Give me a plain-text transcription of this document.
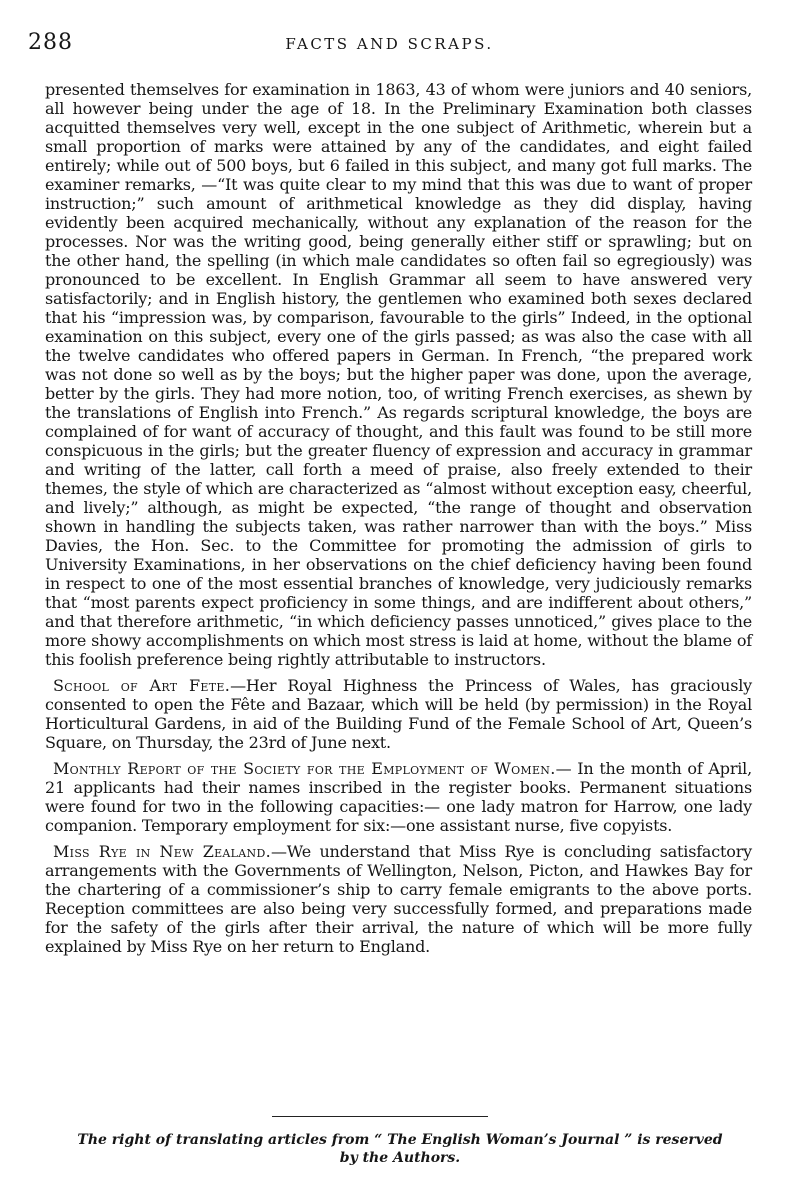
288	FACTS AND SCRAPS.

presented themselves for examination in 1863, 43 of whom were juniors and 40 seniors, all however being under the age of 18. In the Preliminary Examination both classes acquitted themselves very well, except in the one subject of Arithmetic, wherein but a small proportion of marks were attained by any of the candidates, and eight failed entirely; while out of 500 boys, but 6 failed in this subject, and many got full marks. The examiner remarks, —“It was quite clear to my mind that this was due to want of proper instruction;” such amount of arithmetical knowledge as they did display, having evidently been acquired mechanically, without any explanation of the reason for the processes. Nor was the writing good, being generally either stiff or sprawling; but on the other hand, the spelling (in which male candidates so often fail so egregiously) was pronounced to be excellent. In English Grammar all seem to have answered very satisfactorily; and in English history, the gentlemen who examined both sexes declared that his “impression was, by comparison, favourable to the girls” Indeed, in the optional examination on this subject, every one of the girls passed; as was also the case with all the twelve candidates who offered papers in German. In French, “the prepared work was not done so well as by the boys; but the higher paper was done, upon the average, better by the girls. They had more notion, too, of writing French exercises, as shewn by the translations of English into French.” As regards scriptural knowledge, the boys are complained of for want of accuracy of thought, and this fault was found to be still more conspicuous in the girls; but the greater fluency of expression and accuracy in grammar and writing of the latter, call forth a meed of praise, also freely extended to their themes, the style of which are characterized as “almost without exception easy, cheerful, and lively;” although, as might be expected, “the range of thought and observation shown in handling the subjects taken, was rather narrower than with the boys.” Miss Davies, the Hon. Sec. to the Committee for promoting the admission of girls to University Examinations, in her observations on the chief deficiency having been found in respect to one of the most essential branches of knowledge, very judiciously remarks that “most parents expect proficiency in some things, and are indifferent about others,” and that therefore arithmetic, “in which deficiency passes unnoticed,” gives place to the more showy accomplishments on which most stress is laid at home, without the blame of this foolish preference being rightly attributable to instructors.

School of Art Fete.—Her Royal Highness the Princess of Wales, has graciously consented to open the Fête and Bazaar, which will be held (by permission) in the Royal Horticultural Gardens, in aid of the Building Fund of the Female School of Art, Queen’s Square, on Thursday, the 23rd of June next.

Monthly Report of the Society for the Employment of Women.— In the month of April, 21 applicants had their names inscribed in the register books. Permanent situations were found for two in the following capacities:— one lady matron for Harrow, one lady companion. Temporary employment for six:—one assistant nurse, five copyists.

Miss Rye in New Zealand.—We understand that Miss Rye is concluding satisfactory arrangements with the Governments of Wellington, Nelson, Picton, and Hawkes Bay for the chartering of a commissioner’s ship to carry female emigrants to the above ports. Reception committees are also being very successfully formed, and preparations made for the safety of the girls after their arrival, the nature of which will be more fully explained by Miss Rye on her return to England.

The right of translating articles from “ The English Woman’s Journal ” is reserved
by the Authors.
